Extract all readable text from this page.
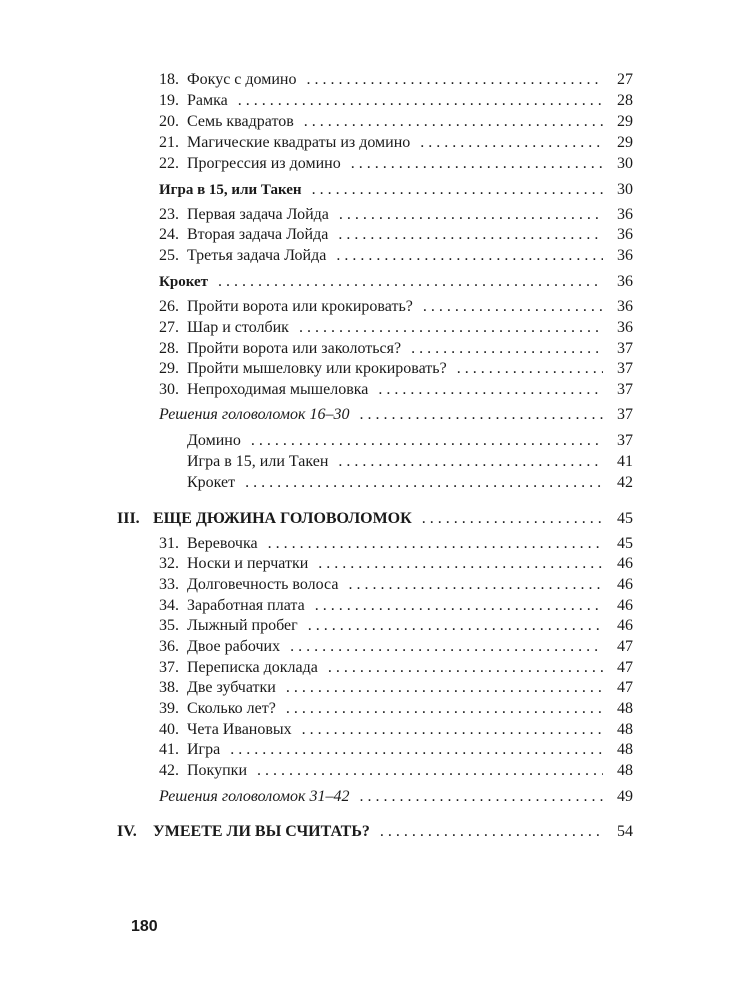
18. Фокус с домино . . .	27
19. Рамка . . .	28
20. Семь квадратов . . .	29
21. Магические квадраты из домино . . .	29
22. Прогрессия из домино . . .	30
Игра в 15, или Такен . . .	30
23. Первая задача Лойда . . .	36
24. Вторая задача Лойда . . .	36
25. Третья задача Лойда . . .	36
Крокет . . .	36
26. Пройти ворота или крокировать? . . .	36
27. Шар и столбик . . .	36
28. Пройти ворота или заколоться? . . .	37
29. Пройти мышеловку или крокировать? . . .	37
30. Непроходимая мышеловка . . .	37
Решения головоломок 16–30 . . .	37
Домино . . .	37
Игра в 15, или Такен . . .	41
Крокет . . .	42
III. ЕЩЕ ДЮЖИНА ГОЛОВОЛОМОК . . .	45
31. Веревочка . . .	45
32. Носки и перчатки . . .	46
33. Долговечность волоса . . .	46
34. Заработная плата . . .	46
35. Лыжный пробег . . .	46
36. Двое рабочих . . .	47
37. Переписка доклада . . .	47
38. Две зубчатки . . .	47
39. Сколько лет? . . .	48
40. Чета Ивановых . . .	48
41. Игра . . .	48
42. Покупки . . .	48
Решения головоломок 31–42 . . .	49
IV.	УМЕЕТЕ ЛИ ВЫ СЧИТАТЬ? . . .	54
180
